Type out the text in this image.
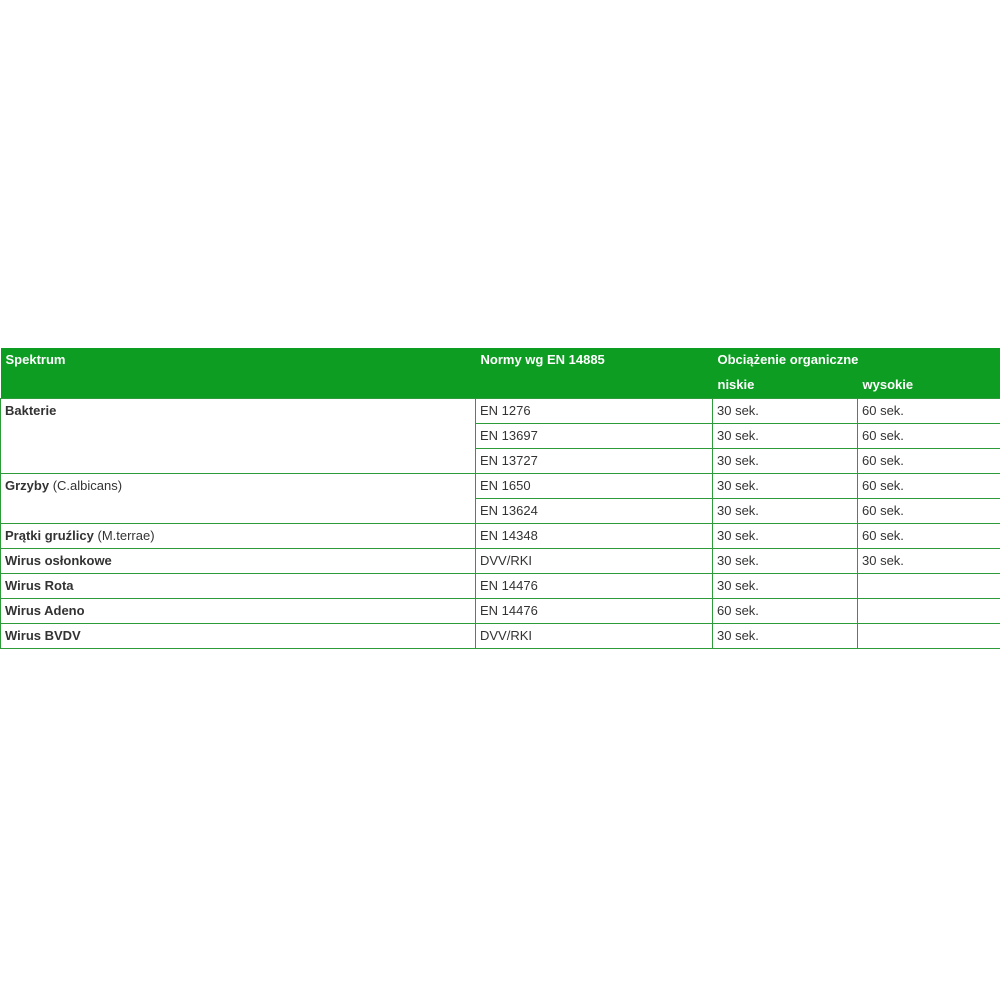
Spektrum	Normy wg EN 14885	Obciążenie organiczne	
		niskie	wysokie
Bakterie	EN 1276	30 sek.	60 sek.
	EN 13697	30 sek.	60 sek.
	EN 13727	30 sek.	60 sek.
Grzyby (C.albicans)	EN 1650	30 sek.	60 sek.
	EN 13624	30 sek.	60 sek.
Prątki gruźlicy (M.terrae)	EN 14348	30 sek.	60 sek.
Wirus osłonkowe	DVV/RKI	30 sek.	30 sek.
Wirus Rota	EN 14476	30 sek.	
Wirus Adeno	EN 14476	60 sek.	
Wirus BVDV	DVV/RKI	30 sek.	
